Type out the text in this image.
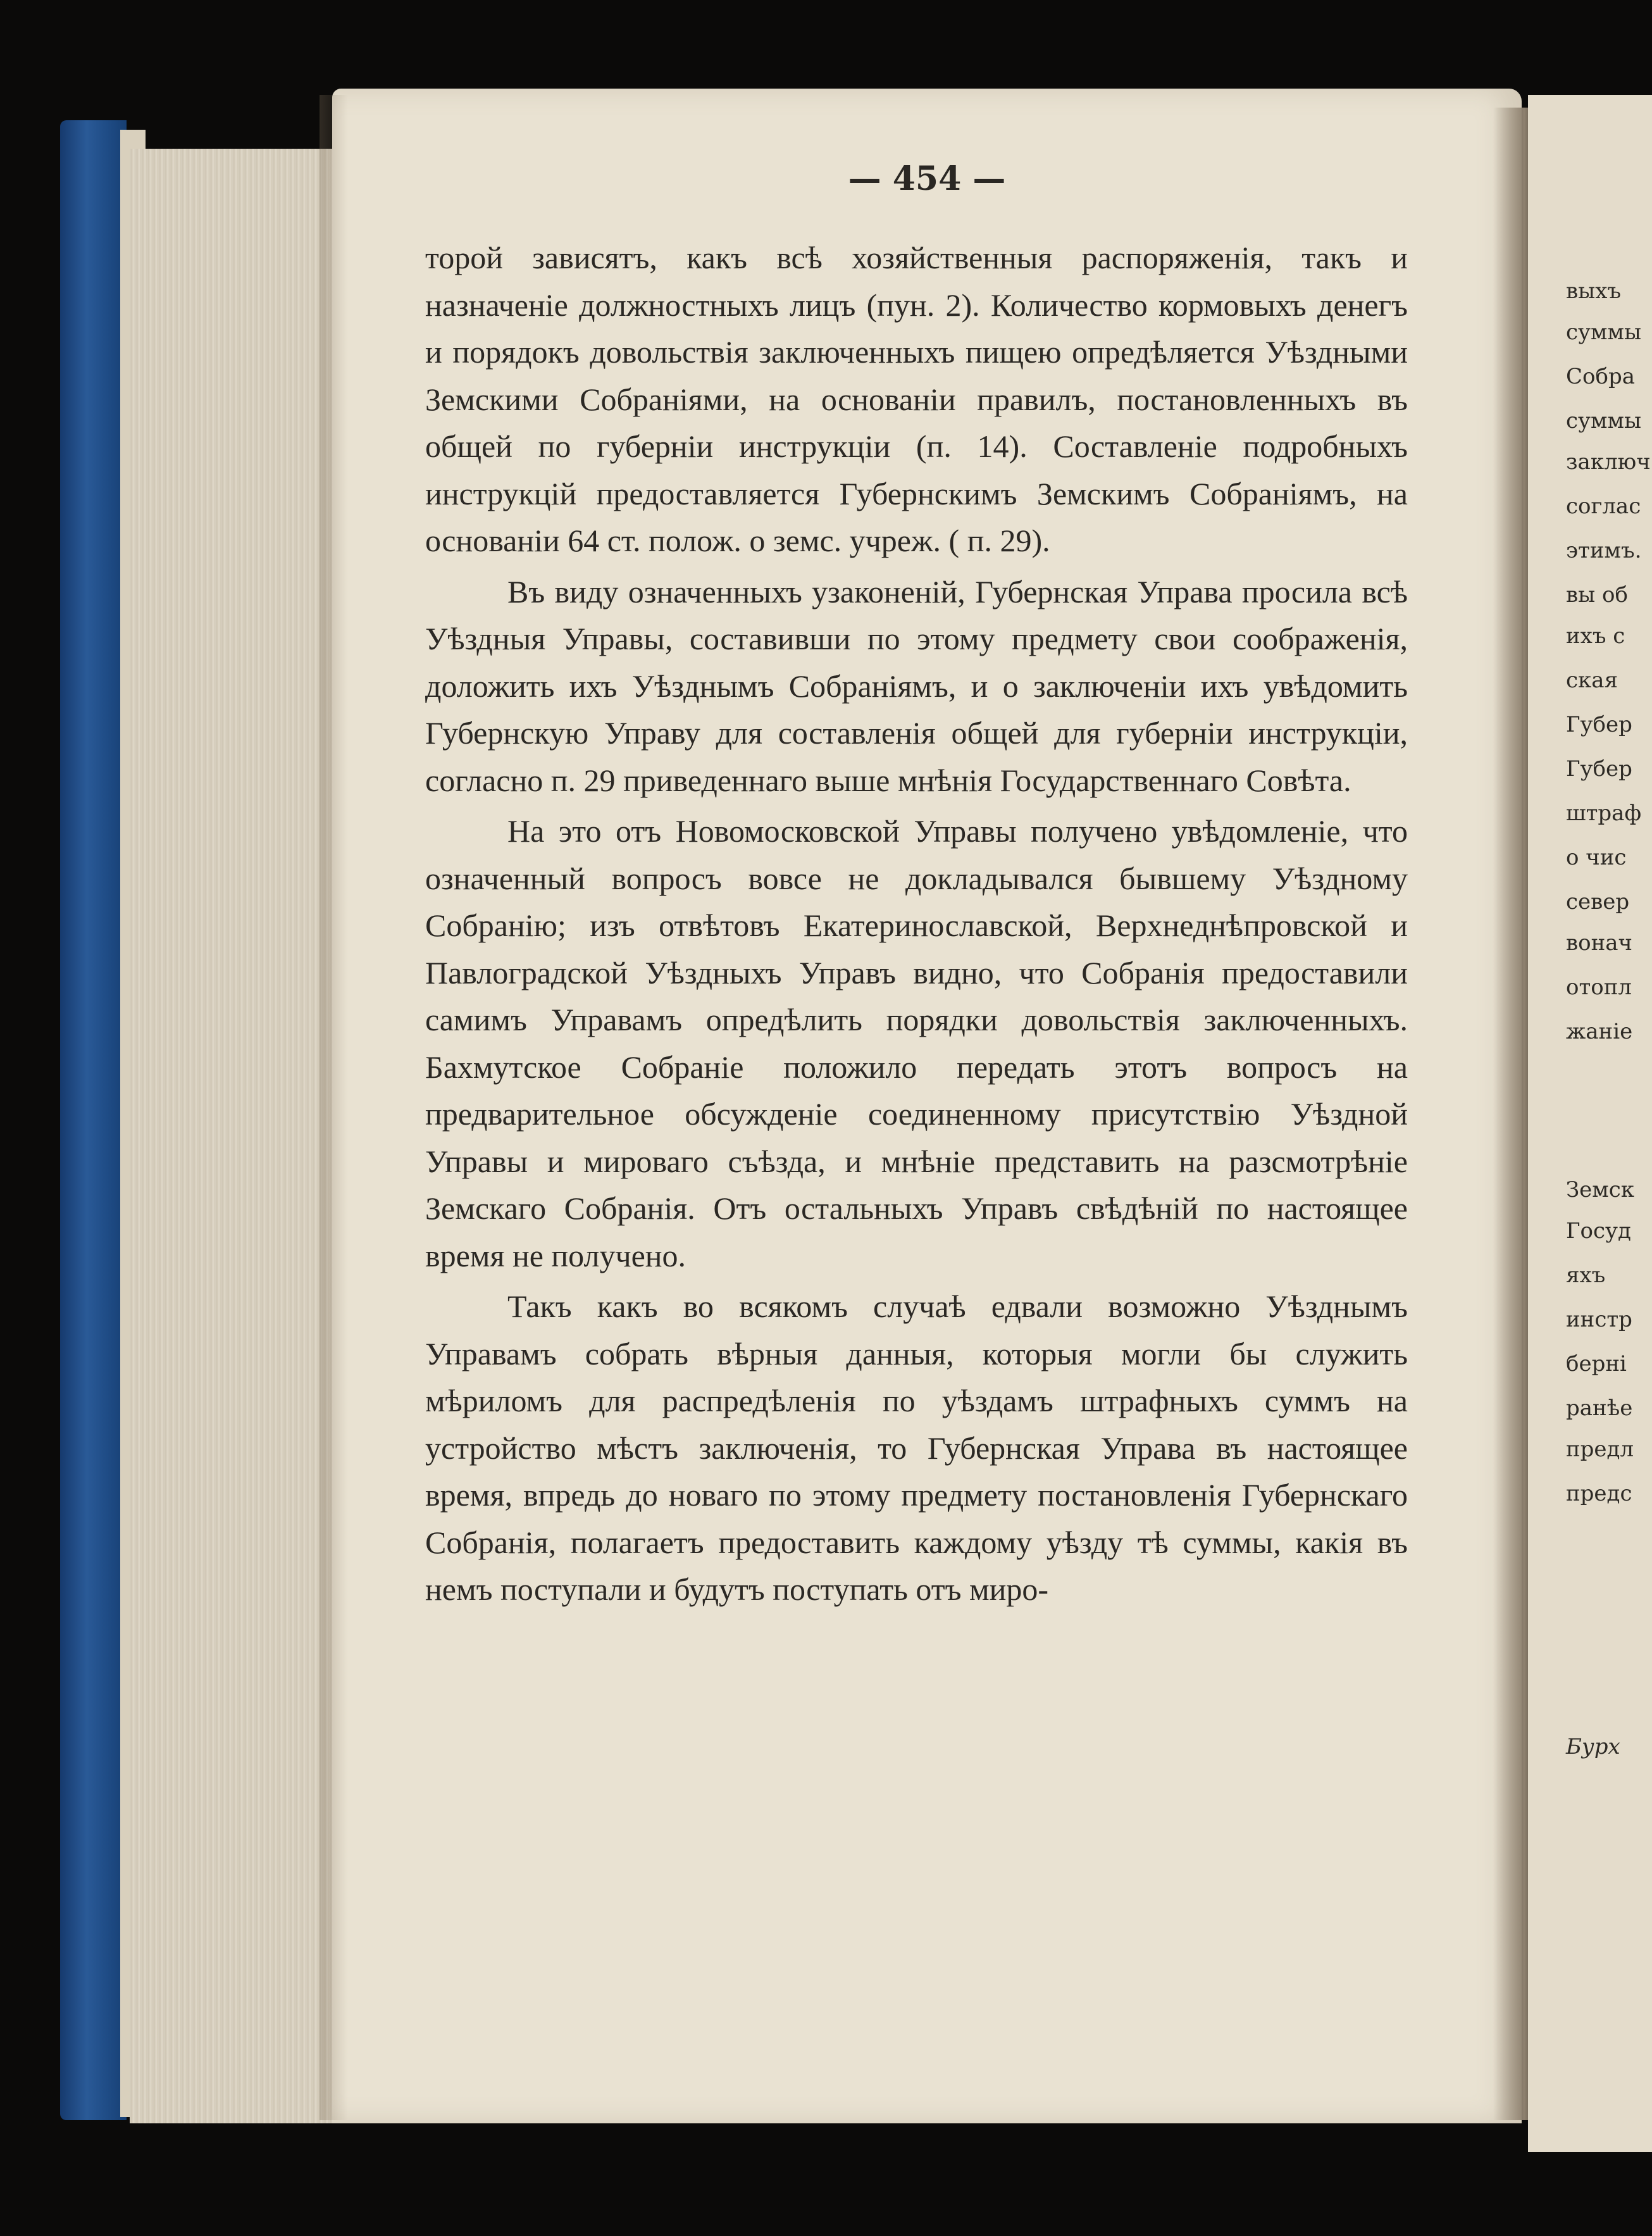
— 454 —

торой зависятъ, какъ всѣ хозяйственныя распоряженія, такъ и назначеніе должностныхъ лицъ (пун. 2). Количество кормовыхъ денегъ и порядокъ довольствія заключенныхъ пищею опредѣляется Уѣздными Земскими Собраніями, на основаніи правилъ, постановленныхъ въ общей по губерніи инструкціи (п. 14). Составленіе подробныхъ инструкцій предоставляется Губернскимъ Земскимъ Собраніямъ, на основаніи 64 ст. полож. о земс. учреж. ( п. 29).

Въ виду означенныхъ узаконеній, Губернская Управа просила всѣ Уѣздныя Управы, составивши по этому предмету свои соображенія, доложить ихъ Уѣзднымъ Собраніямъ, и о заключеніи ихъ увѣдомить Губернскую Управу для составленія общей для губерніи инструкціи, согласно п. 29 приведеннаго выше мнѣнія Государственнаго Совѣта.

На это отъ Новомосковской Управы получено увѣдомленіе, что означенный вопросъ вовсе не докладывался бывшему Уѣздному Собранію; изъ отвѣтовъ Екатеринославской, Верхнеднѣпровской и Павлоградской Уѣздныхъ Управъ видно, что Собранія предоставили самимъ Управамъ опредѣлить порядки довольствія заключенныхъ. Бахмутское Собраніе положило передать этотъ вопросъ на предварительное обсужденіе соединенному присутствію Уѣздной Управы и мироваго съѣзда, и мнѣніе представить на разсмотрѣніе Земскаго Собранія. Отъ остальныхъ Управъ свѣдѣній по настоящее время не получено.

Такъ какъ во всякомъ случаѣ едвали возможно Уѣзднымъ Управамъ собрать вѣрныя данныя, которыя могли бы служить мѣриломъ для распредѣленія по уѣздамъ штрафныхъ суммъ на устройство мѣстъ заключенія, то Губернская Управа въ настоящее время, впредь до новаго по этому предмету постановленія Губернскаго Собранія, полагаетъ предоставить каждому уѣзду тѣ суммы, какія въ немъ поступали и будутъ поступать отъ миро-

выхъ
суммы
Собра
суммы
заключ
соглас
этимъ.
вы об
ихъ с
ская
Губер
Губер
штраф
о чис
север
вонач
отопл
жаніе
Земск
Госуд
яхъ
инстр
берні
ранѣе
предл
предс
Бурх
